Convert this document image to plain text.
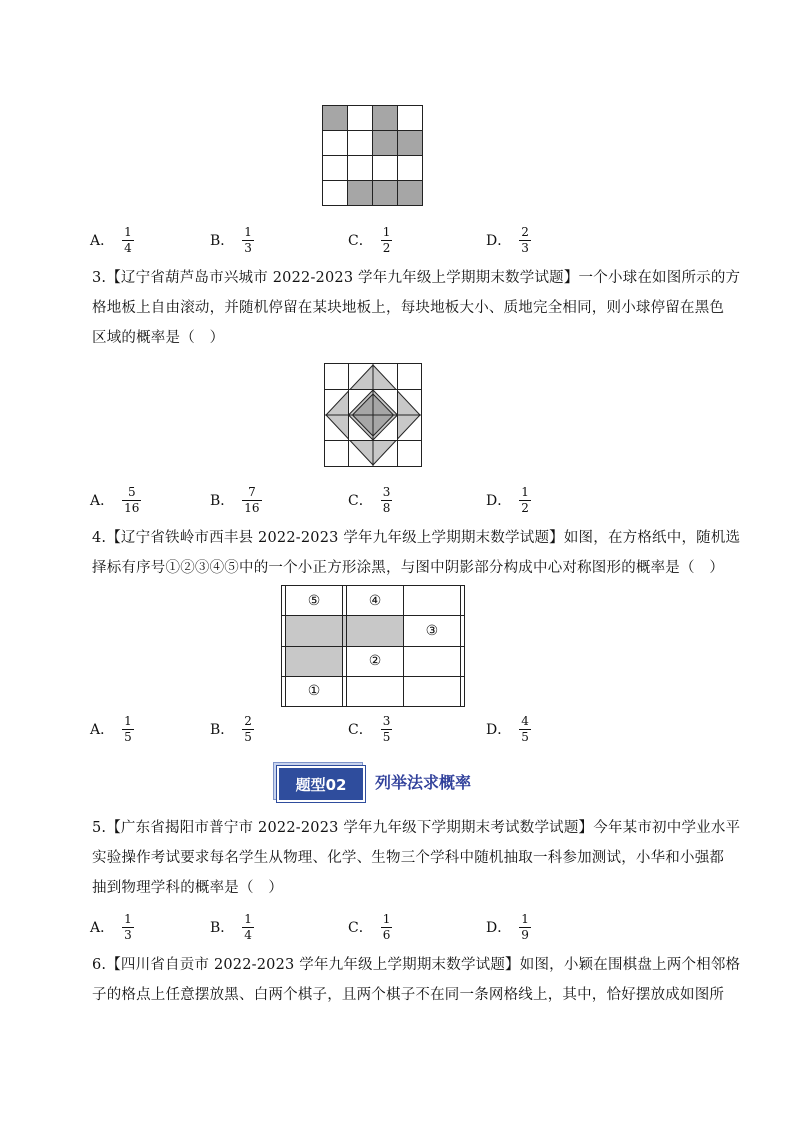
A． $\frac{1}{4}$	B． $\frac{1}{3}$	C． $\frac{1}{2}$	D． $\frac{2}{3}$
3.【辽宁省葫芦岛市兴城市 2022-2023 学年九年级上学期期末数学试题】一个小球在如图所示的方
格地板上自由滚动，并随机停留在某块地板上，每块地板大小、质地完全相同，则小球停留在黑色
区域的概率是（　）
A． $\frac{5}{16}$	B． $\frac{7}{16}$	C． $\frac{3}{8}$	D． $\frac{1}{2}$
4.【辽宁省铁岭市西丰县 2022-2023 学年九年级上学期期末数学试题】如图，在方格纸中，随机选
择标有序号①②③④⑤中的一个小正方形涂黑，与图中阴影部分构成中心对称图形的概率是（　）
	⑤		④		
				③	
			②		
	①				
A． $\frac{1}{5}$	B． $\frac{2}{5}$	C． $\frac{3}{5}$	D． $\frac{4}{5}$
题型02	列举法求概率
5.【广东省揭阳市普宁市 2022-2023 学年九年级下学期期末考试数学试题】今年某市初中学业水平
实验操作考试要求每名学生从物理、化学、生物三个学科中随机抽取一科参加测试，小华和小强都
抽到物理学科的概率是（　）
A． $\frac{1}{3}$	B． $\frac{1}{4}$	C． $\frac{1}{6}$	D． $\frac{1}{9}$
6.【四川省自贡市 2022-2023 学年九年级上学期期末数学试题】如图，小颖在围棋盘上两个相邻格
子的格点上任意摆放黑、白两个棋子，且两个棋子不在同一条网格线上，其中，恰好摆放成如图所
